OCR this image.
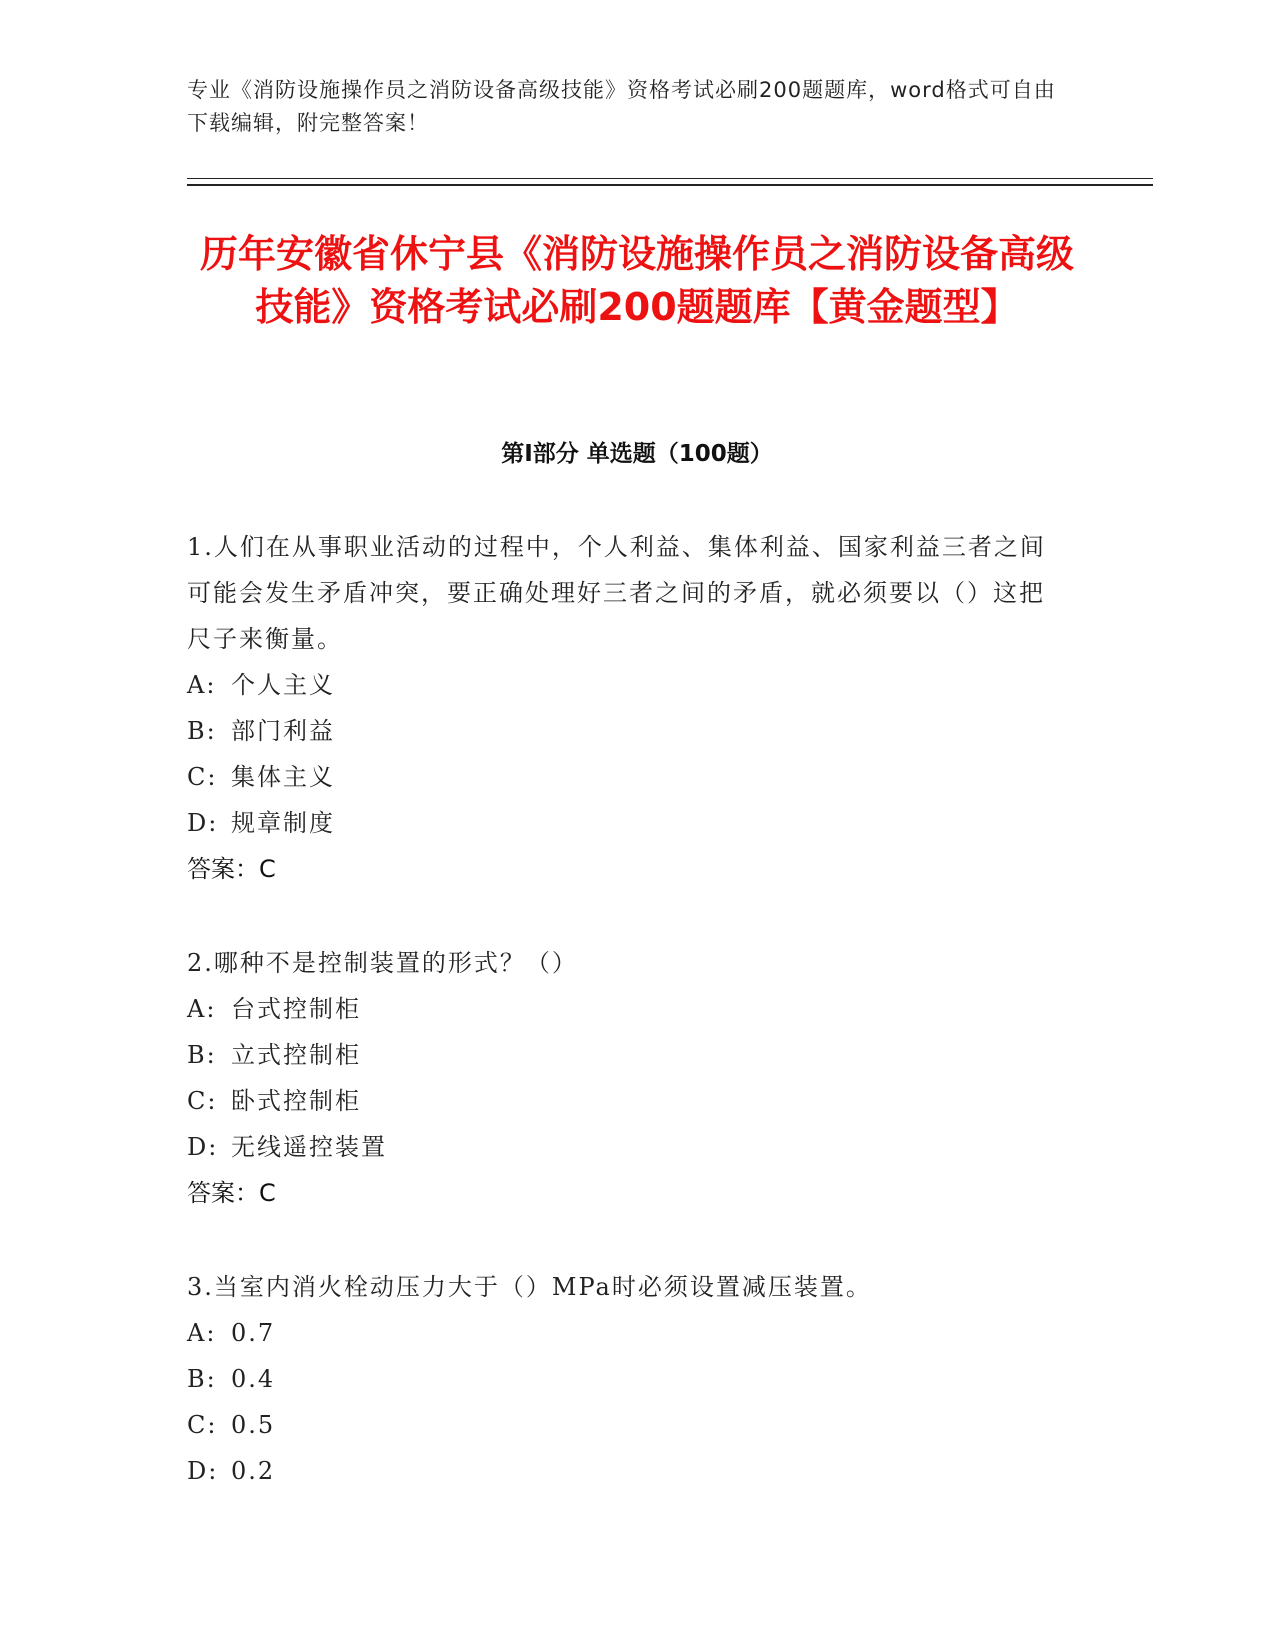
专业《消防设施操作员之消防设备高级技能》资格考试必刷200题题库，word格式可自由下载编辑，附完整答案！
历年安徽省休宁县《消防设施操作员之消防设备高级技能》资格考试必刷200题题库【黄金题型】
第Ⅰ部分 单选题（100题）

1.人们在从事职业活动的过程中，个人利益、集体利益、国家利益三者之间可能会发生矛盾冲突，要正确处理好三者之间的矛盾，就必须要以（）这把尺子来衡量。

A: 个人主义

B: 部门利益

C: 集体主义

D: 规章制度

答案：C

2.哪种不是控制装置的形式？（）

A: 台式控制柜

B: 立式控制柜

C: 卧式控制柜

D: 无线遥控装置

答案：C

3.当室内消火栓动压力大于（）MPa时必须设置减压装置。

A: 0.7

B: 0.4

C: 0.5

D: 0.2
